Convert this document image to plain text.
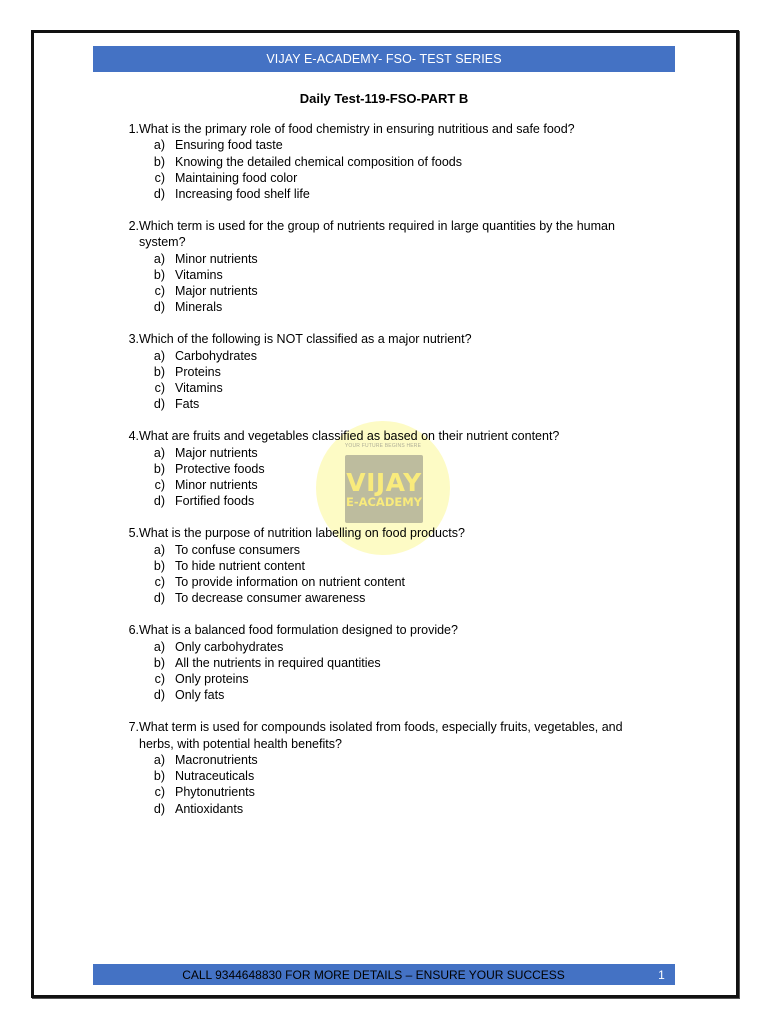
VIJAY E-ACADEMY- FSO- TEST SERIES
Daily Test-119-FSO-PART B
YOUR FUTURE BEGINS HERE
VIJAY
E-ACADEMY
1. What is the primary role of food chemistry in ensuring nutritious and safe food?
a) Ensuring food taste
b) Knowing the detailed chemical composition of foods
c) Maintaining food color
d) Increasing food shelf life
2. Which term is used for the group of nutrients required in large quantities by the human system?
a) Minor nutrients
b) Vitamins
c) Major nutrients
d) Minerals
3. Which of the following is NOT classified as a major nutrient?
a) Carbohydrates
b) Proteins
c) Vitamins
d) Fats
4. What are fruits and vegetables classified as based on their nutrient content?
a) Major nutrients
b) Protective foods
c) Minor nutrients
d) Fortified foods
5. What is the purpose of nutrition labelling on food products?
a) To confuse consumers
b) To hide nutrient content
c) To provide information on nutrient content
d) To decrease consumer awareness
6. What is a balanced food formulation designed to provide?
a) Only carbohydrates
b) All the nutrients in required quantities
c) Only proteins
d) Only fats
7. What term is used for compounds isolated from foods, especially fruits, vegetables, and herbs, with potential health benefits?
a) Macronutrients
b) Nutraceuticals
c) Phytonutrients
d) Antioxidants
CALL 9344648830 FOR MORE DETAILS – ENSURE YOUR SUCCESS	1
